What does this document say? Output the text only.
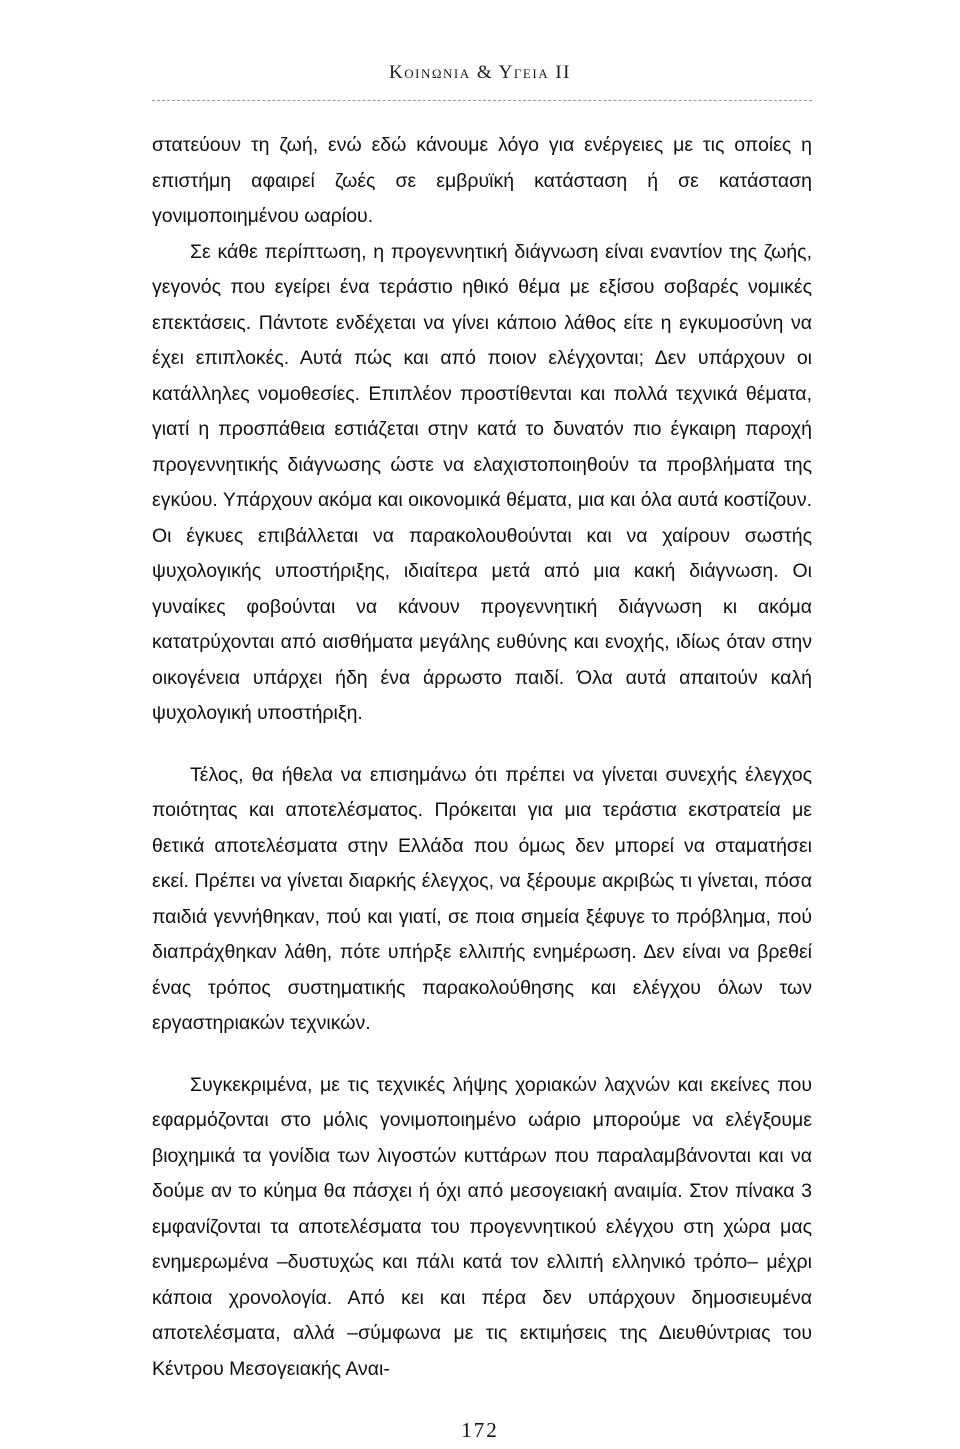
Κοινωνια & Υγεια ΙΙ

στατεύουν τη ζωή, ενώ εδώ κάνουμε λόγο για ενέργειες με τις οποίες η επιστήμη αφαιρεί ζωές σε εμβρυϊκή κατάσταση ή σε κατάσταση γονιμοποιημένου ωαρίου.

Σε κάθε περίπτωση, η προγεννητική διάγνωση είναι εναντίον της ζωής, γεγονός που εγείρει ένα τεράστιο ηθικό θέμα με εξίσου σοβαρές νομικές επεκτάσεις. Πάντοτε ενδέχεται να γίνει κάποιο λάθος είτε η εγκυμοσύνη να έχει επιπλοκές. Αυτά πώς και από ποιον ελέγχονται; Δεν υπάρχουν οι κατάλληλες νομοθεσίες. Επιπλέον προστίθενται και πολλά τεχνικά θέματα, γιατί η προσπάθεια εστιάζεται στην κατά το δυνατόν πιο έγκαιρη παροχή προγεννητικής διάγνωσης ώστε να ελαχιστοποιηθούν τα προβλήματα της εγκύου. Υπάρχουν ακόμα και οικονομικά θέματα, μια και όλα αυτά κοστίζουν. Οι έγκυες επιβάλλεται να παρακολουθούνται και να χαίρουν σωστής ψυχολογικής υποστήριξης, ιδιαίτερα μετά από μια κακή διάγνωση. Οι γυναίκες φοβούνται να κάνουν προγεννητική διάγνωση κι ακόμα κατατρύχονται από αισθήματα μεγάλης ευθύνης και ενοχής, ιδίως όταν στην οικογένεια υπάρχει ήδη ένα άρρωστο παιδί. Όλα αυτά απαιτούν καλή ψυχολογική υποστήριξη.

Τέλος, θα ήθελα να επισημάνω ότι πρέπει να γίνεται συνεχής έλεγχος ποιότητας και αποτελέσματος. Πρόκειται για μια τεράστια εκστρατεία με θετικά αποτελέσματα στην Ελλάδα που όμως δεν μπορεί να σταματήσει εκεί. Πρέπει να γίνεται διαρκής έλεγχος, να ξέρουμε ακριβώς τι γίνεται, πόσα παιδιά γεννήθηκαν, πού και γιατί, σε ποια σημεία ξέφυγε το πρόβλημα, πού διαπράχθηκαν λάθη, πότε υπήρξε ελλιπής ενημέρωση. Δεν είναι να βρεθεί ένας τρόπος συστηματικής παρακολούθησης και ελέγχου όλων των εργαστηριακών τεχνικών.

Συγκεκριμένα, με τις τεχνικές λήψης χοριακών λαχνών και εκείνες που εφαρμόζονται στο μόλις γονιμοποιημένο ωάριο μπορούμε να ελέγξουμε βιοχημικά τα γονίδια των λιγοστών κυττάρων που παραλαμβάνονται και να δούμε αν το κύημα θα πάσχει ή όχι από μεσογειακή αναιμία. Στον πίνακα 3 εμφανίζονται τα αποτελέσματα του προγεννητικού ελέγχου στη χώρα μας ενημερωμένα –δυστυχώς και πάλι κατά τον ελλιπή ελληνικό τρόπο– μέχρι κάποια χρονολογία. Από κει και πέρα δεν υπάρχουν δημοσιευμένα αποτελέσματα, αλλά –σύμφωνα με τις εκτιμήσεις της Διευθύντριας του Κέντρου Μεσογειακής Αναι-

172
